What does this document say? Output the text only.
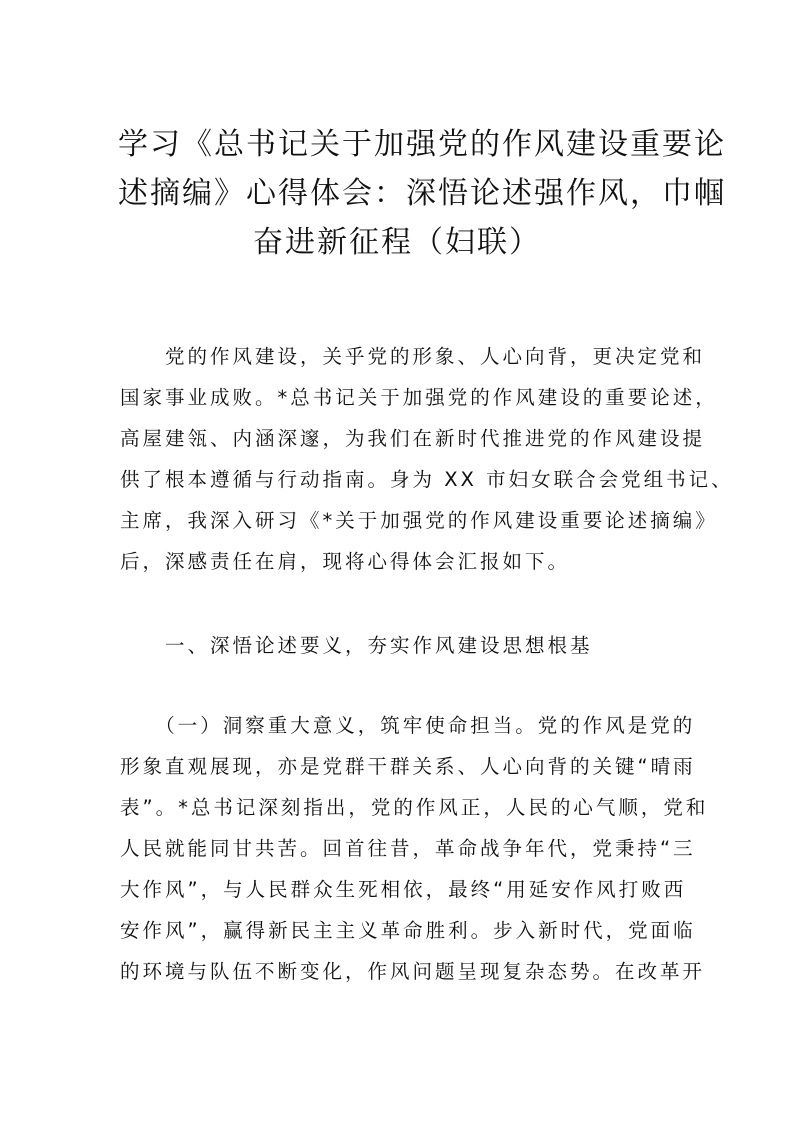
学习《总书记关于加强党的作风建设重要论
述摘编》心得体会：深悟论述强作风，巾帼
奋进新征程（妇联）
　　党的作风建设，关乎党的形象、人心向背，更决定党和
国家事业成败。*总书记关于加强党的作风建设的重要论述，
高屋建瓴、内涵深邃，为我们在新时代推进党的作风建设提
供了根本遵循与行动指南。身为 XX 市妇女联合会党组书记、
主席，我深入研习《*关于加强党的作风建设重要论述摘编》
后，深感责任在肩，现将心得体会汇报如下。
　　一、深悟论述要义，夯实作风建设思想根基
　　（一）洞察重大意义，筑牢使命担当。党的作风是党的
形象直观展现，亦是党群干群关系、人心向背的关键“晴雨
表”。*总书记深刻指出，党的作风正，人民的心气顺，党和
人民就能同甘共苦。回首往昔，革命战争年代，党秉持“三
大作风”，与人民群众生死相依，最终“用延安作风打败西
安作风”，赢得新民主主义革命胜利。步入新时代，党面临
的环境与队伍不断变化，作风问题呈现复杂态势。在改革开
